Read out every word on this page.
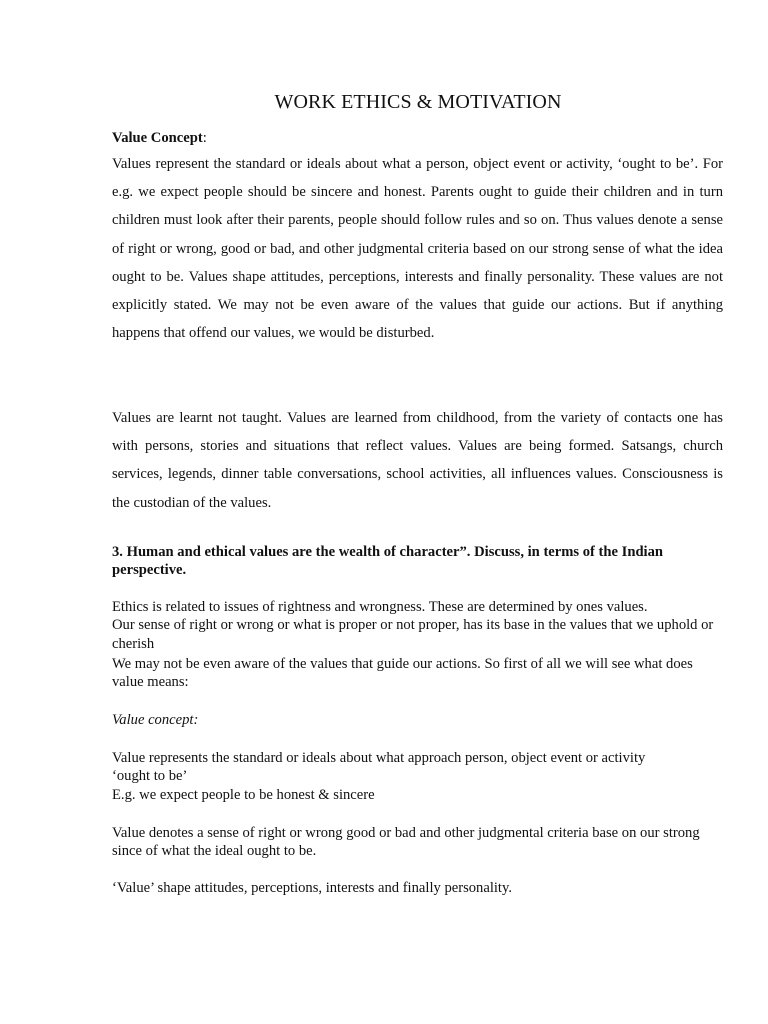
WORK ETHICS & MOTIVATION
Value Concept:
Values represent the standard or ideals about what a person, object event or activity, ‘ought to be’. For e.g. we expect people should be sincere and honest. Parents ought to guide their children and in turn children must look after their parents, people should follow rules and so on. Thus values denote a sense of right or wrong, good or bad, and other judgmental criteria based on our strong sense of what the idea ought to be. Values shape attitudes, perceptions, interests and finally personality. These values are not explicitly stated. We may not be even aware of the values that guide our actions. But if anything happens that offend our values, we would be disturbed.
Values are learnt not taught. Values are learned from childhood, from the variety of contacts one has with persons, stories and situations that reflect values. Values are being formed. Satsangs, church services, legends, dinner table conversations, school activities, all influences values. Consciousness is the custodian of the values.
3. Human and ethical values are the wealth of character”. Discuss, in terms of the Indian perspective.
Ethics is related to issues of rightness and wrongness. These are determined by ones values.
Our sense of right or wrong or what is proper or not proper, has its base in the values that we uphold or cherish
We may not be even aware of the values that guide our actions. So first of all we will see what does value means:
Value concept:
Value represents the standard or ideals about what approach person, object event or activity
‘ought to be’
E.g. we expect people to be honest & sincere
Value denotes a sense of right or wrong good or bad and other judgmental criteria base on our strong since of what the ideal ought to be.
‘Value’ shape attitudes, perceptions, interests and finally personality.
